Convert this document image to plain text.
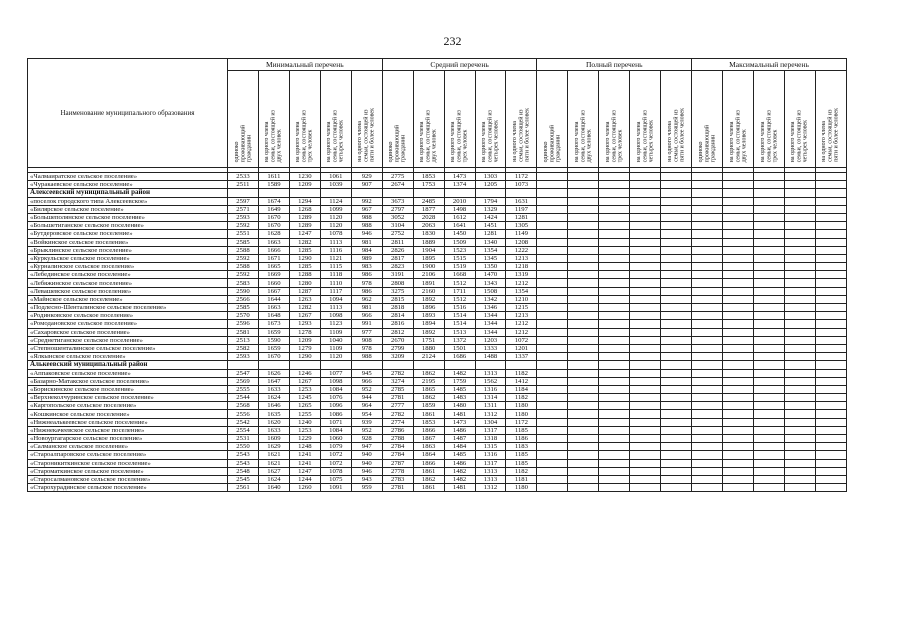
232
Наименование муниципального образования	Минимальный перечень					Средний перечень					Полный перечень					Максимальный перечень				
	одиноко
проживающий
гражданин	на одного члена
семьи, состоящей из
двух человек	на одного члена
семьи, состоящей из
трех человек	на одного члена
семьи, состоящей из
четырех человек	на одного члена
семьи, состоящей из
пяти и более человек	одиноко
проживающий
гражданин	на одного члена
семьи, состоящей из
двух человек	на одного члена
семьи, состоящей из
трех человек	на одного члена
семьи, состоящей из
четырех человек	на одного члена
семьи, состоящей из
пяти и более человек	одиноко
проживающий
гражданин	на одного члена
семьи, состоящей из
двух человек	на одного члена
семьи, состоящей из
трех человек	на одного члена
семьи, состоящей из
четырех человек	на одного члена
семьи, состоящей из
пяти и более человек	одиноко
проживающий
гражданин	на одного члена
семьи, состоящей из
двух человек	на одного члена
семьи, состоящей из
трех человек	на одного члена
семьи, состоящей из
четырех человек	на одного члена
семьи, состоящей из
пяти и более человек

«Чалмаиратское сельское поселение»	2533	1611	1230	1061	929	2775	1853	1473	1303	1172										
«Чуракаевское сельское поселение»	2511	1589	1209	1039	907	2674	1753	1374	1205	1073										
Алексеевский муниципальный район																				
«поселок городского типа Алексеевское»	2597	1674	1294	1124	992	3673	2485	2010	1794	1631										
«Билярское сельское поселение»	2571	1649	1268	1099	967	2797	1877	1498	1329	1197										
«Большеполянское сельское поселение»	2593	1670	1289	1120	988	3052	2028	1612	1424	1281										
«Большетиганское сельское поселение»	2592	1670	1289	1120	988	3104	2063	1641	1451	1305										
«Бутдеровское сельское поселение»	2551	1628	1247	1078	946	2752	1830	1450	1281	1149										
«Войкинское сельское поселение»	2585	1663	1282	1113	981	2811	1889	1509	1340	1208										
«Брыклинское сельское поселение»	2588	1666	1285	1116	984	2826	1904	1523	1354	1222										
«Куркульское сельское поселение»	2592	1671	1290	1121	989	2817	1895	1515	1345	1213										
«Курналинское сельское поселение»	2588	1665	1285	1115	983	2823	1900	1519	1350	1218										
«Лебединское сельское поселение»	2592	1669	1288	1118	986	3191	2106	1668	1470	1319										
«Лебяжинское сельское поселение»	2583	1660	1280	1110	978	2808	1891	1512	1343	1212										
«Левашевское сельское поселение»	2590	1667	1287	1117	986	3275	2160	1711	1508	1354										
«Майнское сельское поселение»	2566	1644	1263	1094	962	2815	1892	1512	1342	1210										
«Подлесно-Шенталинское сельское поселение»	2585	1663	1282	1113	981	2818	1896	1516	1346	1215										
«Родинковское сельское поселение»	2570	1648	1267	1098	966	2814	1893	1514	1344	1213										
«Ромодановское сельское поселение»	2596	1673	1293	1123	991	2816	1894	1514	1344	1212										
«Сахаровское сельское поселение»	2581	1659	1278	1109	977	2812	1892	1513	1344	1212										
«Среднетиганское сельское поселение»	2513	1590	1209	1040	908	2670	1751	1372	1203	1072										
«Степношенталинское сельское поселение»	2582	1659	1279	1109	978	2799	1880	1501	1333	1201										
«Ялкынское сельское поселение»	2593	1670	1290	1120	988	3209	2124	1686	1488	1337										
Алькеевский муниципальный район																				
«Аппаковское сельское поселение»	2547	1626	1246	1077	945	2782	1862	1482	1313	1182										
«Базарно-Матакское сельское поселение»	2569	1647	1267	1098	966	3274	2195	1759	1562	1412										
«Борискинское сельское поселение»	2555	1633	1253	1084	952	2785	1865	1485	1316	1184										
«Верхнеколчуринское сельское поселение»	2544	1624	1245	1076	944	2781	1862	1483	1314	1182										
«Каргопольское сельское поселение»	2568	1646	1265	1096	964	2777	1859	1480	1311	1180										
«Кошкинское сельское поселение»	2556	1635	1255	1086	954	2782	1861	1481	1312	1180										
«Нижнеалькеевское сельское поселение»	2542	1620	1240	1071	939	2774	1853	1473	1304	1172										
«Нижнекачеевское сельское поселение»	2554	1633	1253	1084	952	2786	1866	1486	1317	1185										
«Новоургагарское сельское поселение»	2531	1609	1229	1060	928	2788	1867	1487	1318	1186										
«Салманское сельское поселение»	2550	1629	1248	1079	947	2784	1863	1484	1315	1183										
«Староалпаровское сельское поселение»	2543	1621	1241	1072	940	2784	1864	1485	1316	1185										
«Староникиткинское сельское поселение»	2543	1621	1241	1072	940	2787	1866	1486	1317	1185										
«Староматкинское сельское поселение»	2548	1627	1247	1078	946	2778	1861	1482	1313	1182										
«Старосалмановское сельское поселение»	2545	1624	1244	1075	943	2783	1862	1482	1313	1181										
«Старохурадинское сельское поселение»	2561	1640	1260	1091	959	2781	1861	1481	1312	1180										
